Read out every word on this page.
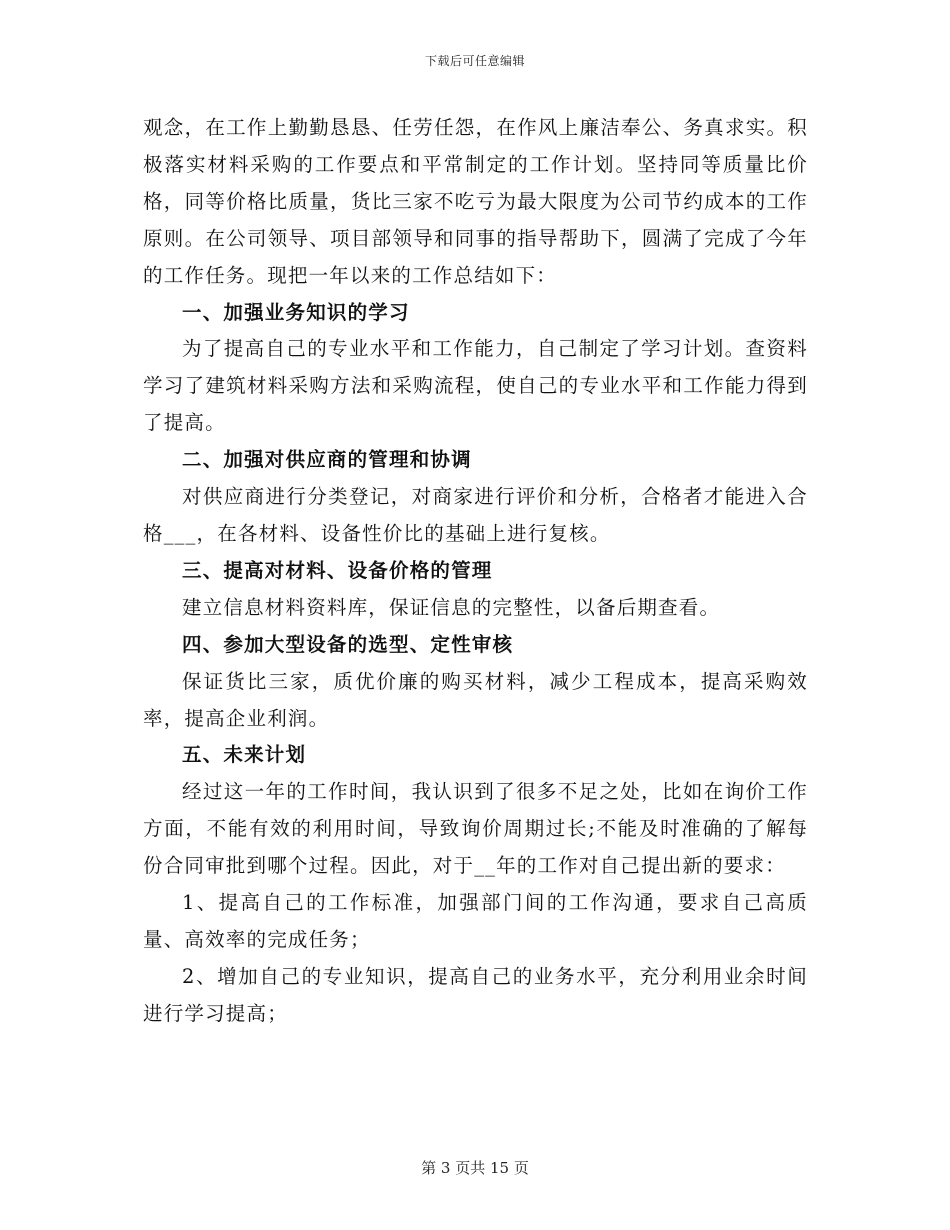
下载后可任意编辑

观念，在工作上勤勤恳恳、任劳任怨，在作风上廉洁奉公、务真求实。积极落实材料采购的工作要点和平常制定的工作计划。坚持同等质量比价格，同等价格比质量，货比三家不吃亏为最大限度为公司节约成本的工作原则。在公司领导、项目部领导和同事的指导帮助下，圆满了完成了今年的工作任务。现把一年以来的工作总结如下：

一、加强业务知识的学习

为了提高自己的专业水平和工作能力，自己制定了学习计划。查资料学习了建筑材料采购方法和采购流程，使自己的专业水平和工作能力得到了提高。

二、加强对供应商的管理和协调

对供应商进行分类登记，对商家进行评价和分析，合格者才能进入合格___，在各材料、设备性价比的基础上进行复核。

三、提高对材料、设备价格的管理

建立信息材料资料库，保证信息的完整性，以备后期查看。

四、参加大型设备的选型、定性审核

保证货比三家，质优价廉的购买材料，减少工程成本，提高采购效率，提高企业利润。

五、未来计划

经过这一年的工作时间，我认识到了很多不足之处，比如在询价工作方面，不能有效的利用时间，导致询价周期过长;不能及时准确的了解每份合同审批到哪个过程。因此，对于__年的工作对自己提出新的要求：

1、提高自己的工作标准，加强部门间的工作沟通，要求自己高质量、高效率的完成任务；

2、增加自己的专业知识，提高自己的业务水平，充分利用业余时间进行学习提高；

第 3 页共 15 页
